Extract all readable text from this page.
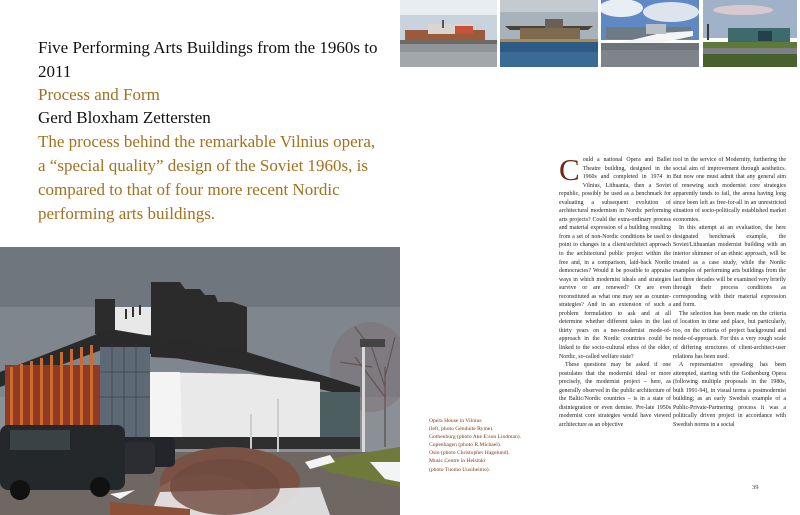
Five Performing Arts Buildings from the 1960s to 2011
Process and Form
Gerd Bloxham Zettersten
The process behind the remarkable Vilnius opera, a “special quality” design of the Soviet 1960s, is compared to that of four more recent Nordic performing arts buildings.
Opera House in Vilnius
(left, photo Génduite Ryme).
Gothenburg (photo Ake E:son Lindman).
Copenhagen (photo R.Michael).
Oslo (photo Christopher Hagelund).
Music Centre in Helsinki
(photo Tuomo Uusiheimo).

Could a national Opera and Ballet Theatre building, designed in the 1960s and completed in 1974 in Vilnius, Lithuania, then a Soviet republic, possibly be used as a benchmark for evaluating a subsequent evolution of architectural modernism in Nordic performing arts projects? Could the extra-ordinary process and material expression of a building resulting from a set of non-Nordic conditions be used to point to changes in a client/architect approach to the architectural public project within the free and, in a comparison, laid-back Nordic democracies? Would it be possible to appraise ways in which modernist ideals and strategies survive or are renewed? Or are even reconstituted as what one may see as counter-strategies? And in an extension of such a problem formulation to ask and at all determine whether different takes in the last thirty years on a neo-modernist mode-of-approach in the Nordic countries could be linked to the socio-cultural ethos of the older, Nordic, so-called welfare state?

These questions may be asked if one postulates that the modernist ideal or more precisely, the modernist project – here, as generally observed in the public architecture of the Baltic/Nordic countries – is in a state of disintegration or even demise. Pre-late 1950s modernist core strategies would have viewed architecture as an objective

tool in the service of Modernity, furthering the social aim of improvement through aesthetics. But now one must admit that any general aim of renewing such modernist core strategies apparently tends to fail, the arena having long since been left as free-for-all in an unrestricted situation of socio-politically established market economies.

In this attempt at an evaluation, the here designated benchmark example, the Soviet/Lithuanian modernist building with an interior shimmer of an ethnic approach, will be treated as a case study, while the Nordic examples of performing arts buildings from the last three decades will be examined very briefly through their process conditions as corresponding with their material expression and form.

The selection has been made on the criteria of location in time and place, but particularly, too, on the criteria of project background and mode-of-approach. For this a very rough scale of differing structures of client-architect-user relations has been used.

A representative spreading has been attempted, starting with the Gothenburg Opera (following multiple proposals in the 1980s, built 1991-94), in visual terms a postmodernist building; as an early Swedish example of a Public-Private-Partnering process it was a politically driven project in accordance with Swedish norms in a social

39
